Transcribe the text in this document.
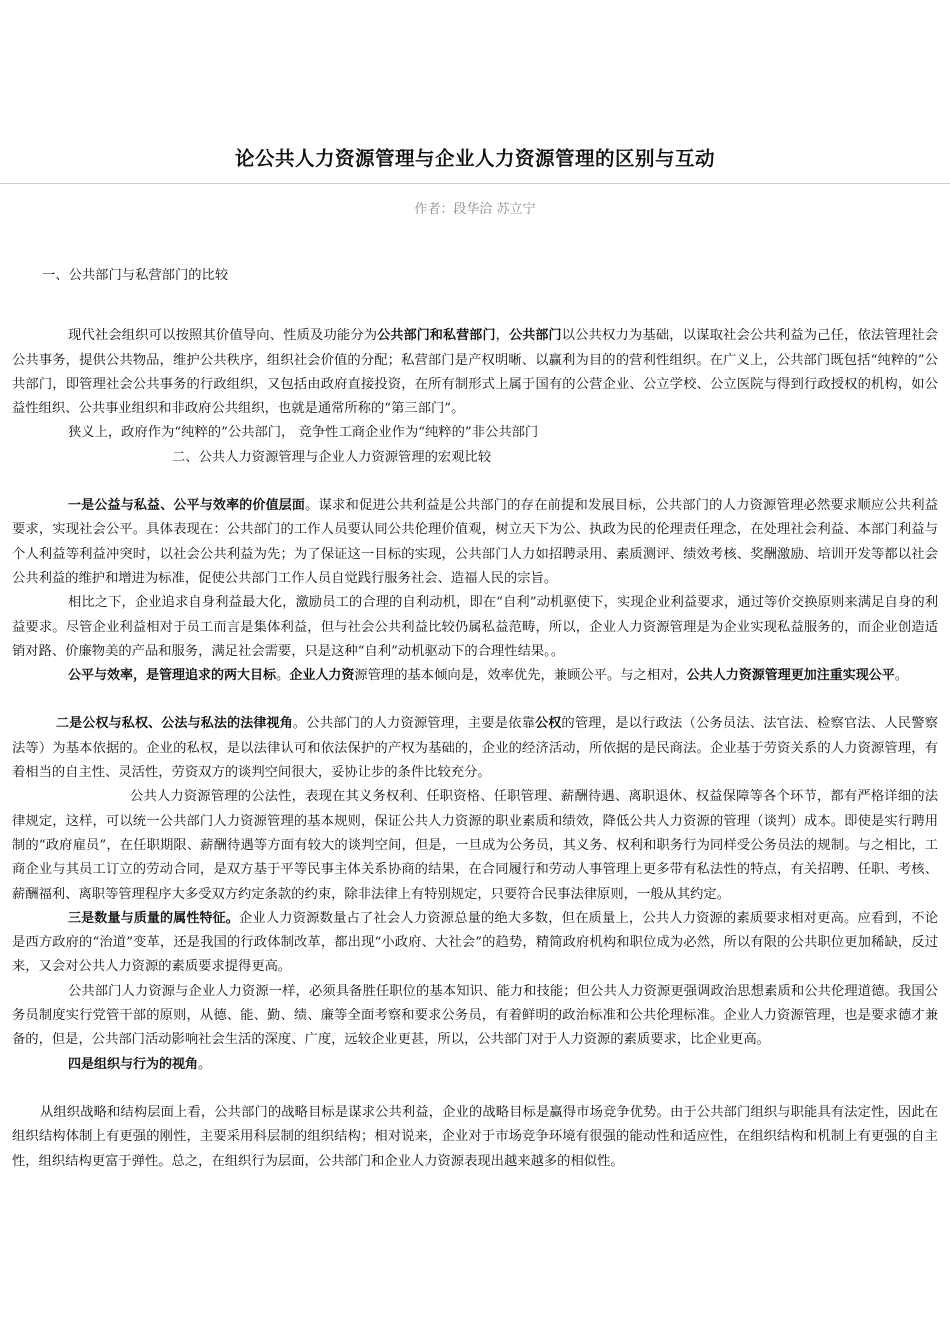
论公共人力资源管理与企业人力资源管理的区别与互动
作者：段华洽 苏立宁

一、公共部门与私营部门的比较

现代社会组织可以按照其价值导向、性质及功能分为公共部门和私营部门，公共部门以公共权力为基础，以谋取社会公共利益为己任，依法管理社会公共事务，提供公共物品，维护公共秩序，组织社会价值的分配；私营部门是产权明晰、以赢利为目的的营利性组织。在广义上，公共部门既包括“纯粹的”公共部门，即管理社会公共事务的行政组织，又包括由政府直接投资，在所有制形式上属于国有的公营企业、公立学校、公立医院与得到行政授权的机构，如公益性组织、公共事业组织和非政府公共组织，也就是通常所称的“第三部门”。

狭义上，政府作为“纯粹的”公共部门， 竞争性工商企业作为“纯粹的”非公共部门

二、公共人力资源管理与企业人力资源管理的宏观比较

一是公益与私益、公平与效率的价值层面。谋求和促进公共利益是公共部门的存在前提和发展目标，公共部门的人力资源管理必然要求顺应公共利益要求，实现社会公平。具体表现在：公共部门的工作人员要认同公共伦理价值观，树立天下为公、执政为民的伦理责任理念，在处理社会利益、本部门利益与个人利益等利益冲突时，以社会公共利益为先；为了保证这一目标的实现，公共部门人力如招聘录用、素质测评、绩效考核、奖酬激励、培训开发等都以社会公共利益的维护和增进为标准，促使公共部门工作人员自觉践行服务社会、造福人民的宗旨。

相比之下，企业追求自身利益最大化，激励员工的合理的自利动机，即在“自利”动机驱使下，实现企业利益要求，通过等价交换原则来满足自身的利益要求。尽管企业利益相对于员工而言是集体利益，但与社会公共利益比较仍属私益范畴，所以，企业人力资源管理是为企业实现私益服务的，而企业创造适销对路、价廉物美的产品和服务，满足社会需要，只是这种“自利”动机驱动下的合理性结果。。

公平与效率，是管理追求的两大目标。企业人力资源管理的基本倾向是，效率优先，兼顾公平。与之相对，公共人力资源管理更加注重实现公平。

二是公权与私权、公法与私法的法律视角。公共部门的人力资源管理，主要是依靠公权的管理，是以行政法（公务员法、法官法、检察官法、人民警察法等）为基本依据的。企业的私权，是以法律认可和依法保护的产权为基础的，企业的经济活动，所依据的是民商法。企业基于劳资关系的人力资源管理，有着相当的自主性、灵活性，劳资双方的谈判空间很大，妥协让步的条件比较充分。

公共人力资源管理的公法性，表现在其义务权利、任职资格、任职管理、薪酬待遇、离职退休、权益保障等各个环节，都有严格详细的法律规定，这样，可以统一公共部门人力资源管理的基本规则，保证公共人力资源的职业素质和绩效，降低公共人力资源的管理（谈判）成本。即使是实行聘用制的“政府雇员”，在任职期限、薪酬待遇等方面有较大的谈判空间，但是，一旦成为公务员，其义务、权利和职务行为同样受公务员法的规制。与之相比，工商企业与其员工订立的劳动合同，是双方基于平等民事主体关系协商的结果，在合同履行和劳动人事管理上更多带有私法性的特点，有关招聘、任职、考核、薪酬福利、离职等管理程序大多受双方约定条款的约束，除非法律上有特别规定，只要符合民事法律原则，一般从其约定。

三是数量与质量的属性特征。企业人力资源数量占了社会人力资源总量的绝大多数，但在质量上，公共人力资源的素质要求相对更高。应看到，不论是西方政府的“治道”变革，还是我国的行政体制改革，都出现“小政府、大社会”的趋势，精简政府机构和职位成为必然，所以有限的公共职位更加稀缺，反过来，又会对公共人力资源的素质要求提得更高。

公共部门人力资源与企业人力资源一样，必须具备胜任职位的基本知识、能力和技能；但公共人力资源更强调政治思想素质和公共伦理道德。我国公务员制度实行党管干部的原则，从德、能、勤、绩、廉等全面考察和要求公务员，有着鲜明的政治标准和公共伦理标准。企业人力资源管理，也是要求德才兼备的，但是，公共部门活动影响社会生活的深度、广度，远较企业更甚，所以，公共部门对于人力资源的素质要求，比企业更高。

四是组织与行为的视角。

从组织战略和结构层面上看，公共部门的战略目标是谋求公共利益，企业的战略目标是赢得市场竞争优势。由于公共部门组织与职能具有法定性，因此在组织结构体制上有更强的刚性，主要采用科层制的组织结构；相对说来，企业对于市场竞争环境有很强的能动性和适应性，在组织结构和机制上有更强的自主性，组织结构更富于弹性。总之，在组织行为层面，公共部门和企业人力资源表现出越来越多的相似性。
